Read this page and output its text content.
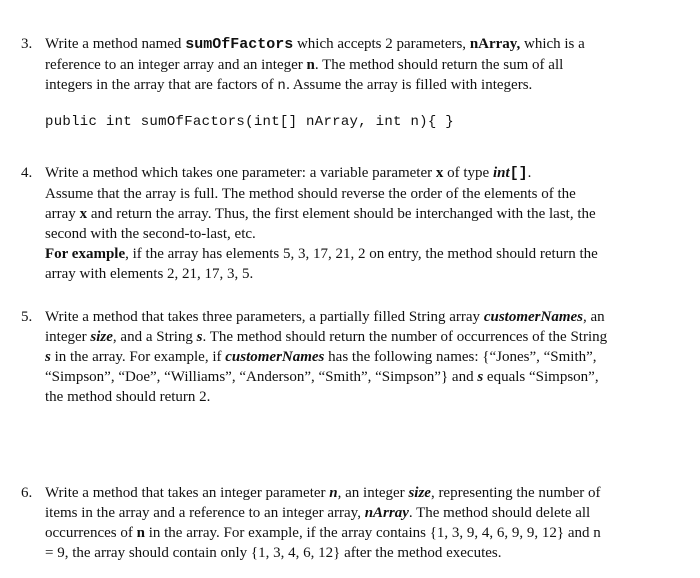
3. Write a method named sumOfFactors which accepts 2 parameters, nArray, which is a

reference to an integer array and an integer n. The method should return the sum of all

integers in the array that are factors of n. Assume the array is filled with integers.

public int sumOfFactors(int[] nArray, int n){ }
4. Write a method which takes one parameter: a variable parameter x of type int[].

Assume that the array is full. The method should reverse the order of the elements of the

array x and return the array. Thus, the first element should be interchanged with the last, the

second with the second-to-last, etc.

For example, if the array has elements 5, 3, 17, 21, 2 on entry, the method should return the

array with elements 2, 21, 17, 3, 5.

5. Write a method that takes three parameters, a partially filled String array customerNames, an

integer size, and a String s. The method should return the number of occurrences of the String

s in the array. For example, if customerNames has the following names: {“Jones”, “Smith”,

“Simpson”, “Doe”, “Williams”, “Anderson”, “Smith”, “Simpson”} and s equals “Simpson”,

the method should return 2.

6. Write a method that takes an integer parameter n, an integer size, representing the number of

items in the array and a reference to an integer array, nArray. The method should delete all

occurrences of n in the array. For example, if the array contains {1, 3, 9, 4, 6, 9, 9, 12} and n

= 9, the array should contain only {1, 3, 4, 6, 12} after the method executes.
